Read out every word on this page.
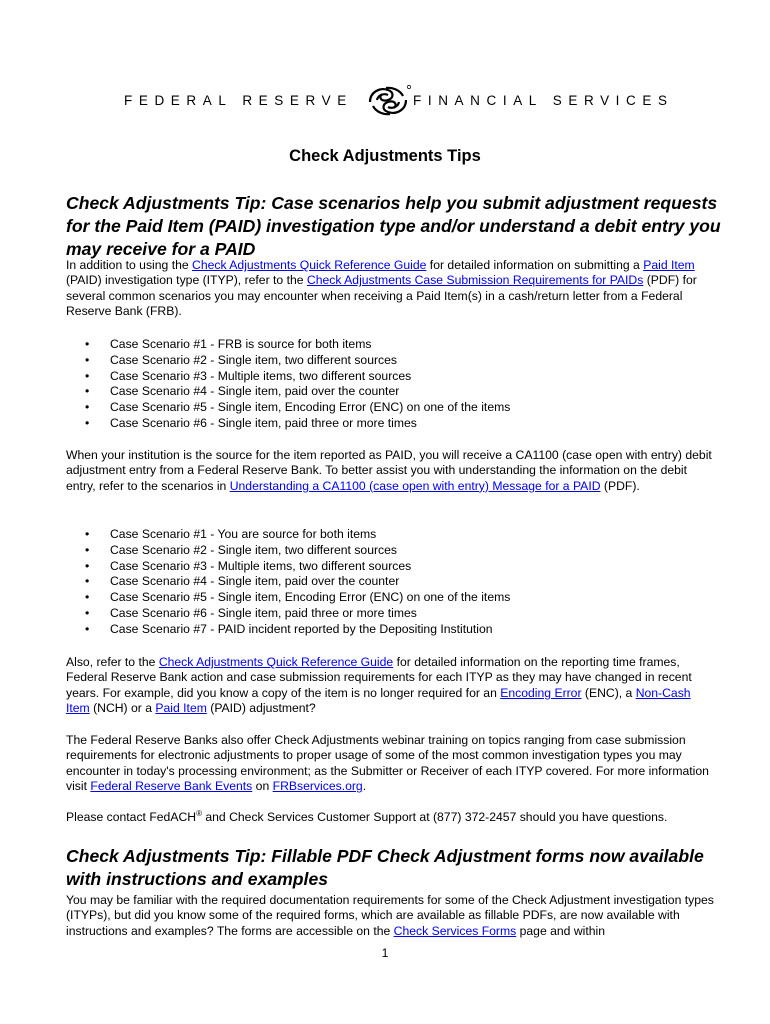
FEDERAL RESERVE	FINANCIAL SERVICES
Check Adjustments Tips
Check Adjustments Tip: Case scenarios help you submit adjustment requests for the Paid Item (PAID) investigation type and/or understand a debit entry you may receive for a PAID
In addition to using the Check Adjustments Quick Reference Guide for detailed information on submitting a Paid Item (PAID) investigation type (ITYP), refer to the Check Adjustments Case Submission Requirements for PAIDs (PDF) for several common scenarios you may encounter when receiving a Paid Item(s) in a cash/return letter from a Federal Reserve Bank (FRB).
• Case Scenario #1 - FRB is source for both items
• Case Scenario #2 - Single item, two different sources
• Case Scenario #3 - Multiple items, two different sources
• Case Scenario #4 - Single item, paid over the counter
• Case Scenario #5 - Single item, Encoding Error (ENC) on one of the items
• Case Scenario #6 - Single item, paid three or more times
When your institution is the source for the item reported as PAID, you will receive a CA1100 (case open with entry) debit adjustment entry from a Federal Reserve Bank. To better assist you with understanding the information on the debit entry, refer to the scenarios in Understanding a CA1100 (case open with entry) Message for a PAID (PDF).
• Case Scenario #1 - You are source for both items
• Case Scenario #2 - Single item, two different sources
• Case Scenario #3 - Multiple items, two different sources
• Case Scenario #4 - Single item, paid over the counter
• Case Scenario #5 - Single item, Encoding Error (ENC) on one of the items
• Case Scenario #6 - Single item, paid three or more times
• Case Scenario #7 - PAID incident reported by the Depositing Institution
Also, refer to the Check Adjustments Quick Reference Guide for detailed information on the reporting time frames, Federal Reserve Bank action and case submission requirements for each ITYP as they may have changed in recent years. For example, did you know a copy of the item is no longer required for an Encoding Error (ENC), a Non-Cash Item (NCH) or a Paid Item (PAID) adjustment?
The Federal Reserve Banks also offer Check Adjustments webinar training on topics ranging from case submission requirements for electronic adjustments to proper usage of some of the most common investigation types you may encounter in today's processing environment; as the Submitter or Receiver of each ITYP covered. For more information visit Federal Reserve Bank Events on FRBservices.org.
Please contact FedACH® and Check Services Customer Support at (877) 372-2457 should you have questions.
Check Adjustments Tip: Fillable PDF Check Adjustment forms now available with instructions and examples
You may be familiar with the required documentation requirements for some of the Check Adjustment investigation types (ITYPs), but did you know some of the required forms, which are available as fillable PDFs, are now available with instructions and examples? The forms are accessible on the Check Services Forms page and within
1
